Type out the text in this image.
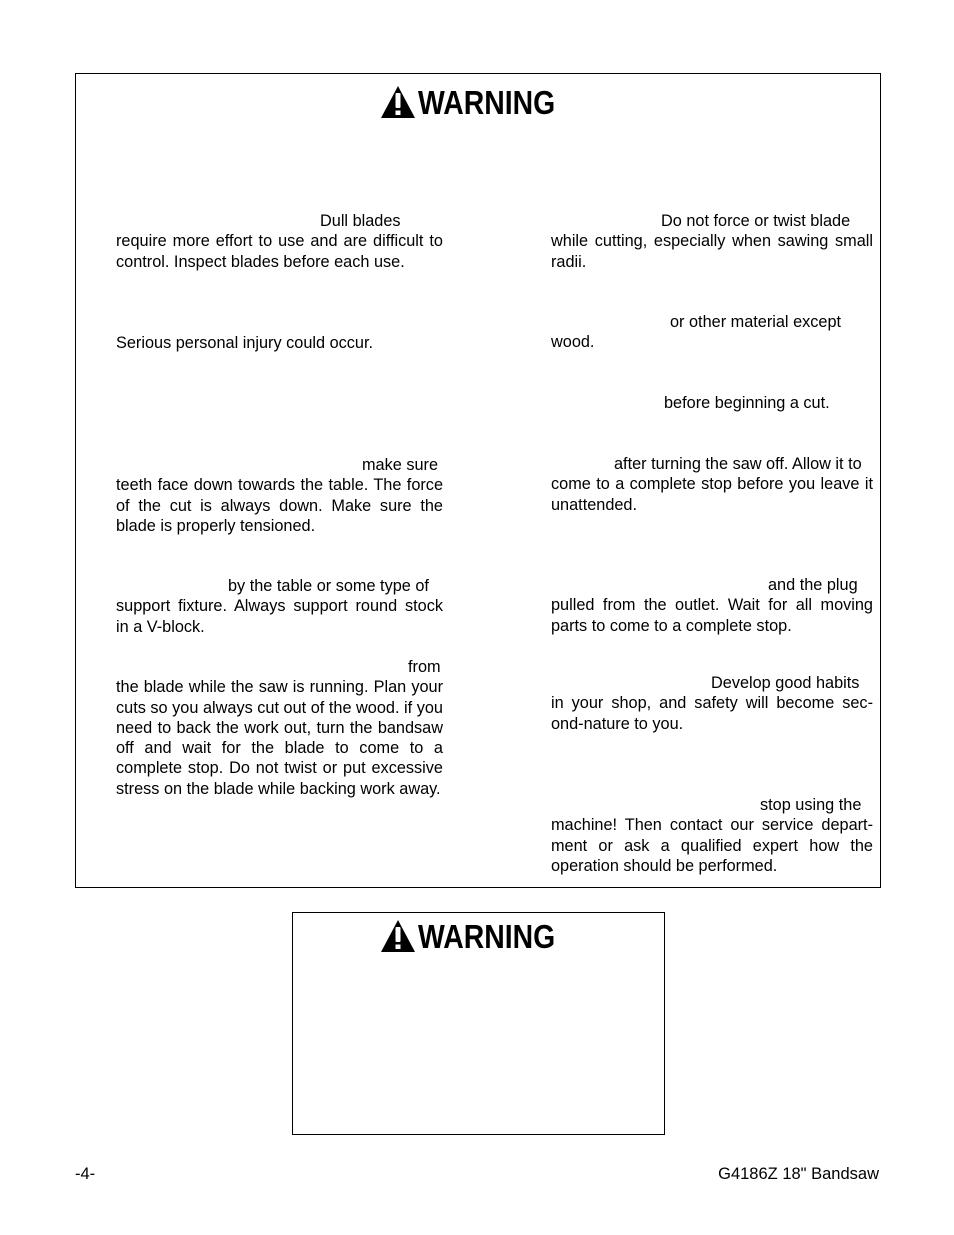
WARNING

Dull blades require more effort to use and are difficult to control. Inspect blades before each use.

Serious personal injury could occur.

make sure teeth face down towards the table. The force of the cut is always down. Make sure the blade is properly tensioned.

by the table or some type of support fixture. Always support round stock in a V-block.

from the blade while the saw is running. Plan your cuts so you always cut out of the wood. if you need to back the work out, turn the bandsaw off and wait for the blade to come to a complete stop. Do not twist or put excessive stress on the blade while backing work away.

Do not force or twist blade while cutting, especially when sawing small radii.

or other material except wood.

before beginning a cut.

after turning the saw off. Allow it to come to a complete stop before you leave it unattended.

and the plug pulled from the outlet. Wait for all moving parts to come to a complete stop.

Develop good habits in your shop, and safety will become sec-ond-nature to you.

stop using the machine! Then contact our service depart-ment or ask a qualified expert how the operation should be performed.

WARNING
-4-	G4186Z 18" Bandsaw
